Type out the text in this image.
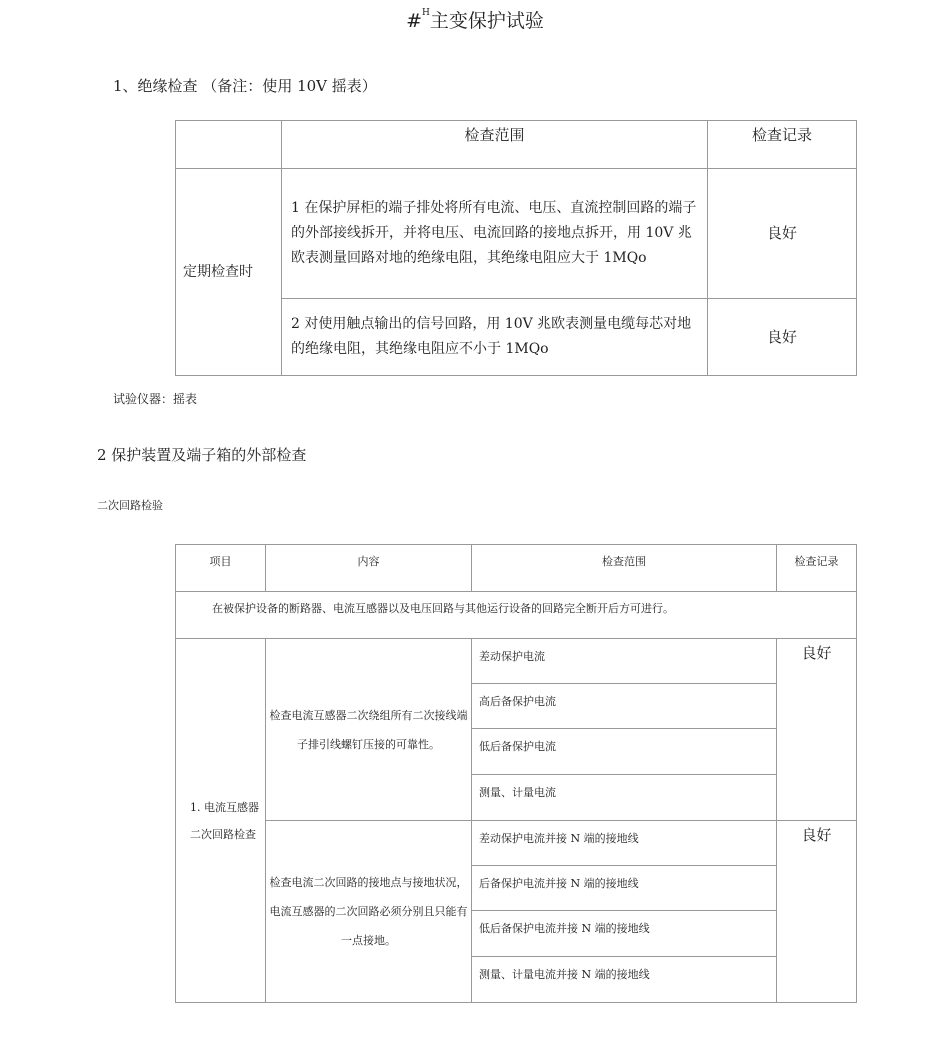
#$^H$主变保护试验
1、绝缘检查 （备注：使用 10V 摇表）
	检查范围	检查记录
定期检查时	1 在保护屏柜的端子排处将所有电流、电压、直流控制回路的端子的外部接线拆开，并将电压、电流回路的接地点拆开，用 10V 兆欧表测量回路对地的绝缘电阻，其绝缘电阻应大于 1MQo	良好
	2 对使用触点输出的信号回路，用 10V 兆欧表测量电缆每芯对地的绝缘电阻，其绝缘电阻应不小于 1MQo	良好
试验仪器：摇表
2 保护装置及端子箱的外部检查
二次回路检验
项目	内容	检查范围	检查记录
在被保护设备的断路器、电流互感器以及电压回路与其他运行设备的回路完全断开后方可进行。			
1. 电流互感器二次回路检查	检查电流互感器二次绕组所有二次接线端子排引线螺钉压接的可靠性。	差动保护电流	良好
		高后备保护电流	
		低后备保护电流	
		测量、计量电流	
	检查电流二次回路的接地点与接地状况，电流互感器的二次回路必须分别且只能有一点接地。	差动保护电流并接 N 端的接地线	良好
		后备保护电流并接 N 端的接地线	
		低后备保护电流并接 N 端的接地线	
		测量、计量电流并接 N 端的接地线	
